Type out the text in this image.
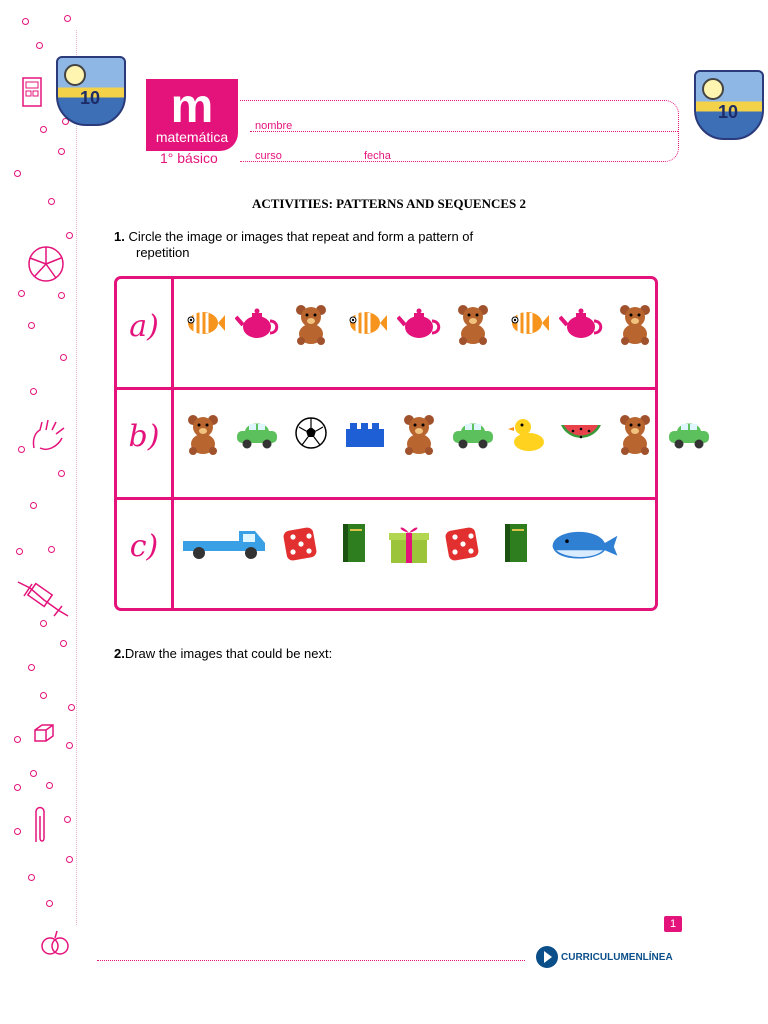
10
10
m
matemática
1° básico
nombre
curso	fecha
ACTIVITIES: PATTERNS AND SEQUENCES 2
1. Circle the image or images that repeat and form a pattern of
repetition
a)
b)
c)
2.Draw the images that could be next:
1
CURRICULUMENLÍNEA
